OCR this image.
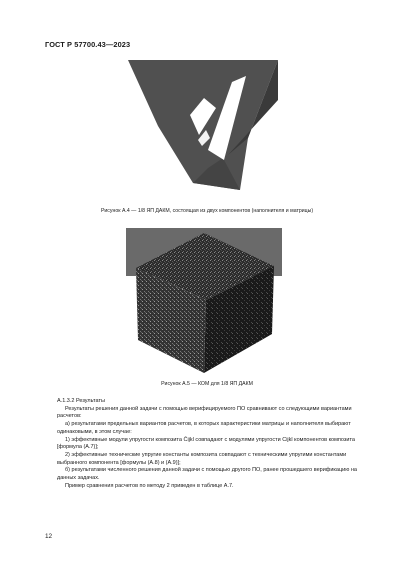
ГОСТ Р 57700.43—2023
Рисунок А.4 — 1/8 ЯП ДАКМ, состоящая из двух компонентов (наполнителя и матрицы)
Рисунок А.5 — КОМ для 1/8 ЯП ДАКМ

А.1.3.2 Результаты

Результаты решения данной задачи с помощью верифицируемого ПО сравнивают со следующими вариантами расчетов:

а) результатами предельных вариантов расчетов, в которых характеристики матрицы и наполнителя выбирают одинаковыми, в этом случае:

1) эффективные модули упругости композита C̄ijkl совпадают с модулями упругости Cijkl компонентов композита [формула (А.7)];

2) эффективные технические упругие константы композита совпадают с техническими упругими константами выбранного компонента [формулы (А.8) и (А.9)];

б) результатами численного решения данной задачи с помощью другого ПО, ранее прошедшего верификацию на данных задачах.

Пример сравнения расчетов по методу 2 приведен в таблице А.7.

12
